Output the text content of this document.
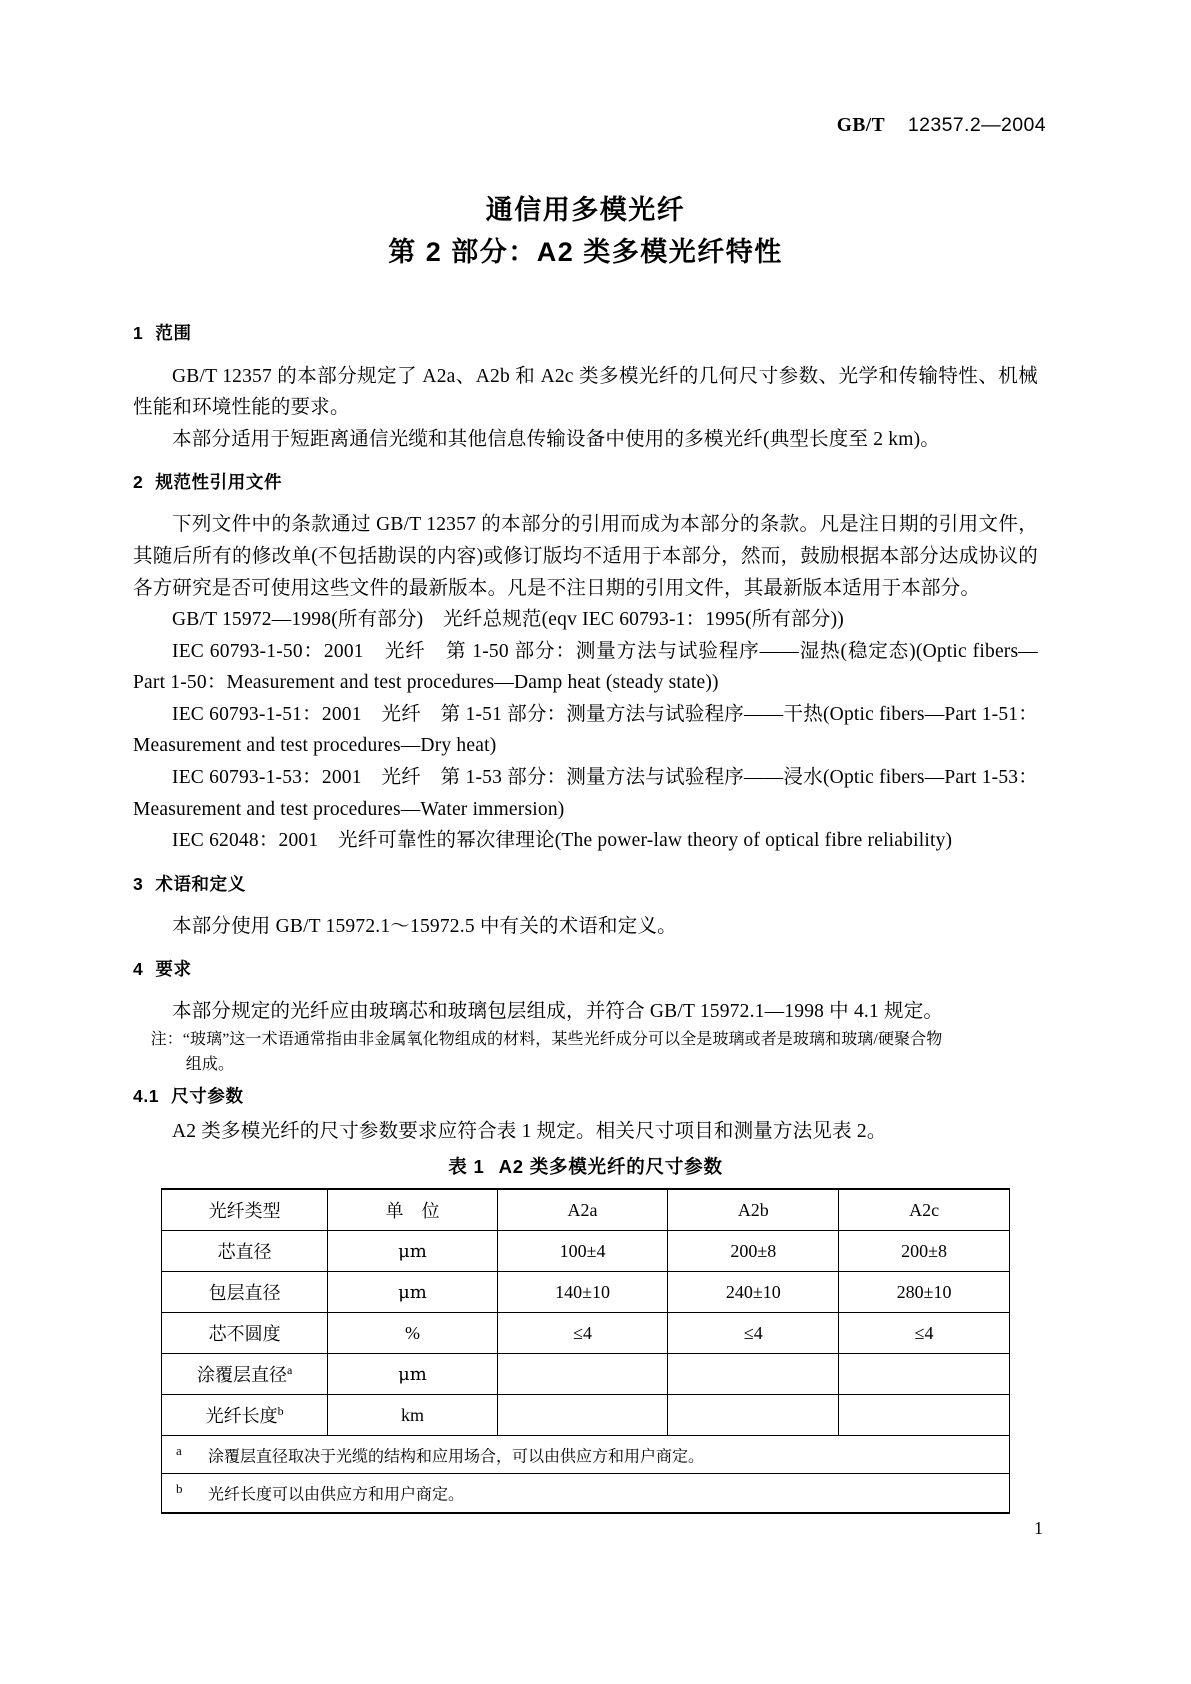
GB/T 12357.2—2004
通信用多模光纤
第 2 部分：A2 类多模光纤特性
1 范围

GB/T 12357 的本部分规定了 A2a、A2b 和 A2c 类多模光纤的几何尺寸参数、光学和传输特性、机械性能和环境性能的要求。

本部分适用于短距离通信光缆和其他信息传输设备中使用的多模光纤(典型长度至 2 km)。

2 规范性引用文件

下列文件中的条款通过 GB/T 12357 的本部分的引用而成为本部分的条款。凡是注日期的引用文件，其随后所有的修改单(不包括勘误的内容)或修订版均不适用于本部分，然而，鼓励根据本部分达成协议的各方研究是否可使用这些文件的最新版本。凡是不注日期的引用文件，其最新版本适用于本部分。

GB/T 15972—1998(所有部分)　光纤总规范(eqv IEC 60793-1：1995(所有部分))

IEC 60793-1-50：2001　光纤　第 1-50 部分：测量方法与试验程序——湿热(稳定态)(Optic fibers—Part 1-50：Measurement and test procedures—Damp heat (steady state))

IEC 60793-1-51：2001　光纤　第 1-51 部分：测量方法与试验程序——干热(Optic fibers—Part 1-51：Measurement and test procedures—Dry heat)

IEC 60793-1-53：2001　光纤　第 1-53 部分：测量方法与试验程序——浸水(Optic fibers—Part 1-53：Measurement and test procedures—Water immersion)

IEC 62048：2001　光纤可靠性的幂次律理论(The power-law theory of optical fibre reliability)

3 术语和定义

本部分使用 GB/T 15972.1～15972.5 中有关的术语和定义。

4 要求

本部分规定的光纤应由玻璃芯和玻璃包层组成，并符合 GB/T 15972.1—1998 中 4.1 规定。

注：“玻璃”这一术语通常指由非金属氧化物组成的材料，某些光纤成分可以全是玻璃或者是玻璃和玻璃/硬聚合物
组成。

4.1 尺寸参数

A2 类多模光纤的尺寸参数要求应符合表 1 规定。相关尺寸项目和测量方法见表 2。

表 1 A2 类多模光纤的尺寸参数
光纤类型	单　位	A2a	A2b	A2c
芯直径	μm	100±4	200±8	200±8
包层直径	μm	140±10	240±10	280±10
芯不圆度	%	≤4	≤4	≤4
涂覆层直径$^a$	μm			
光纤长度$^b$	km			
a 涂覆层直径取决于光缆的结构和应用场合，可以由供应方和用户商定。				
b 光纤长度可以由供应方和用户商定。				
1
